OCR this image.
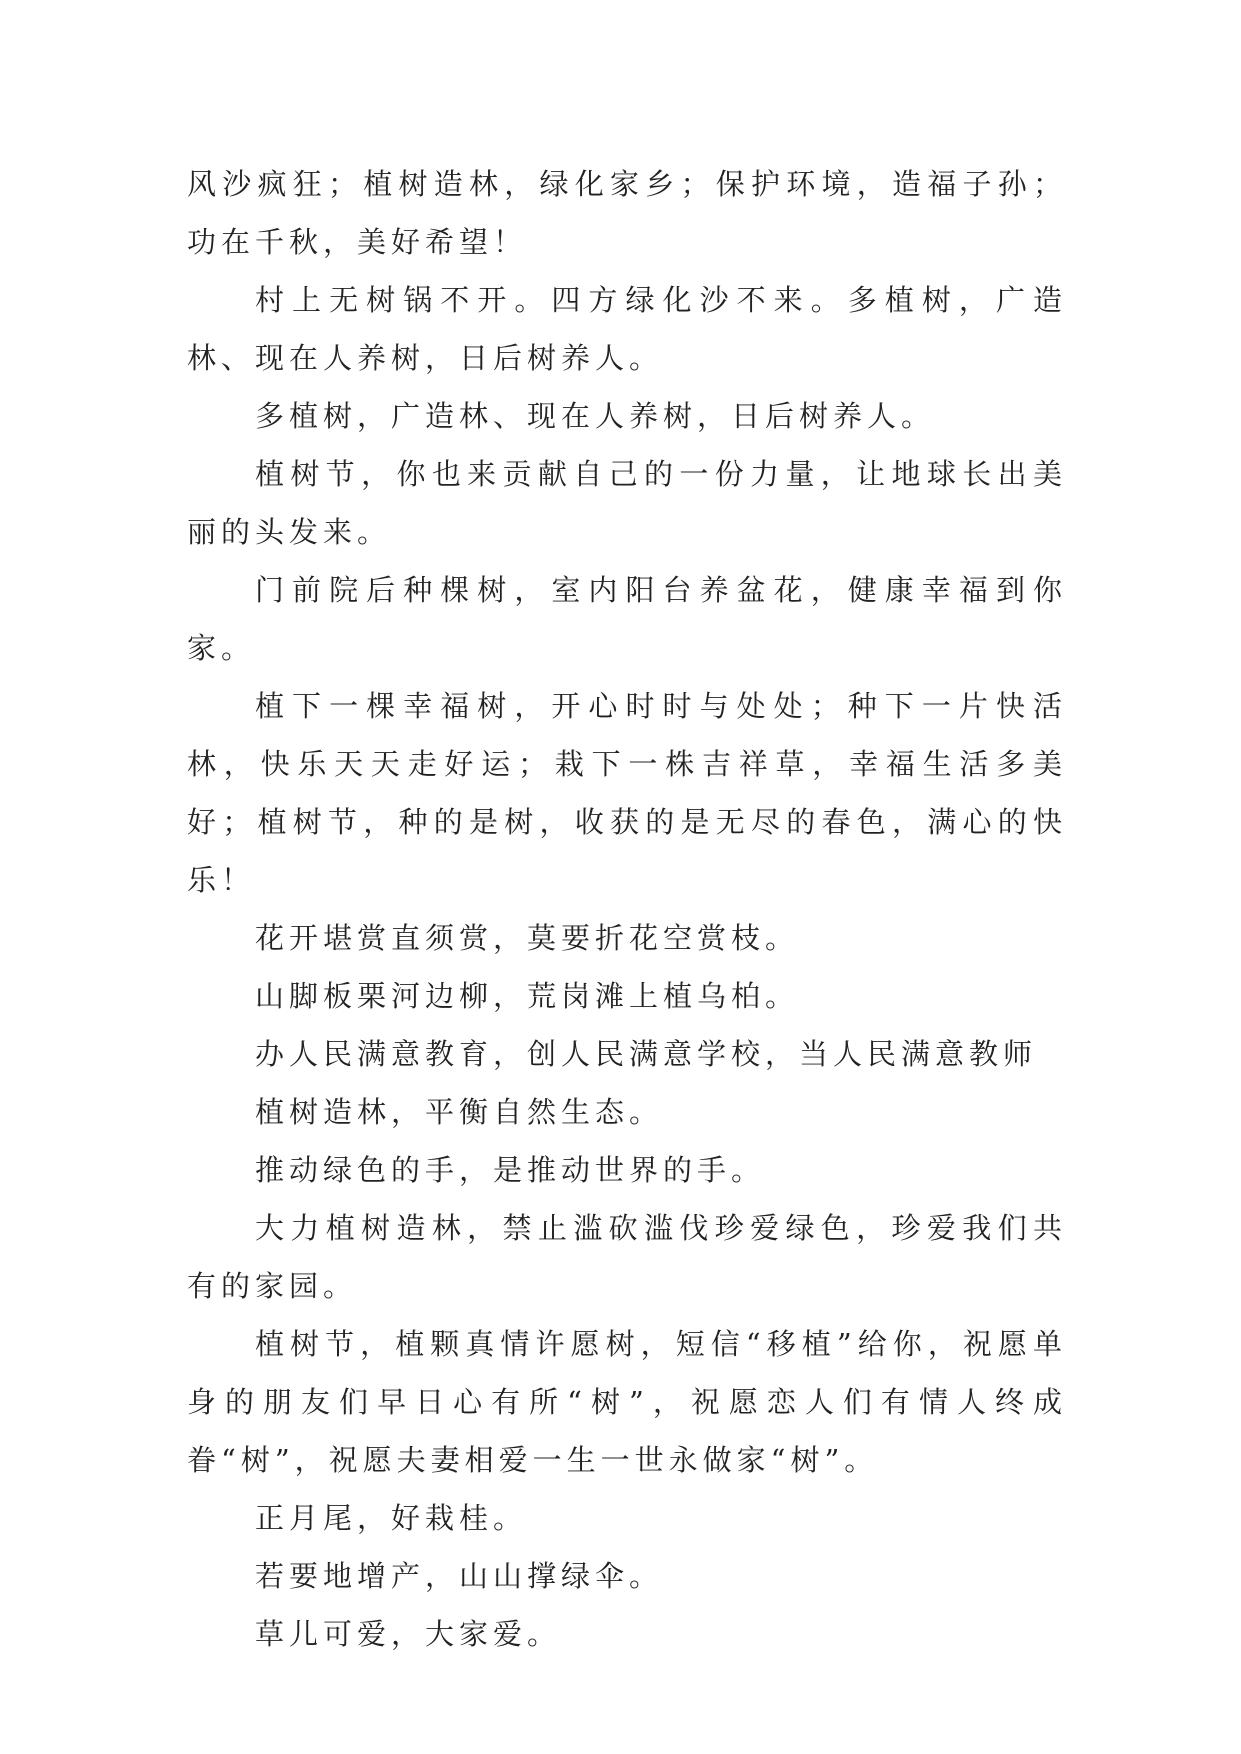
风沙疯狂；植树造林，绿化家乡；保护环境，造福子孙；功在千秋，美好希望！

村上无树锅不开。四方绿化沙不来。多植树，广造林、现在人养树，日后树养人。

多植树，广造林、现在人养树，日后树养人。

植树节，你也来贡献自己的一份力量，让地球长出美丽的头发来。

门前院后种棵树，室内阳台养盆花，健康幸福到你家。

植下一棵幸福树，开心时时与处处；种下一片快活林，快乐天天走好运；栽下一株吉祥草，幸福生活多美好；植树节，种的是树，收获的是无尽的春色，满心的快乐！

花开堪赏直须赏，莫要折花空赏枝。

山脚板栗河边柳，荒岗滩上植乌柏。

办人民满意教育，创人民满意学校，当人民满意教师

植树造林，平衡自然生态。

推动绿色的手，是推动世界的手。

大力植树造林，禁止滥砍滥伐珍爱绿色，珍爱我们共有的家园。

植树节，植颗真情许愿树，短信“移植”给你，祝愿单身的朋友们早日心有所“树”，祝愿恋人们有情人终成眷“树”，祝愿夫妻相爱一生一世永做家“树”。

正月尾，好栽桂。

若要地增产，山山撑绿伞。

草儿可爱，大家爱。
